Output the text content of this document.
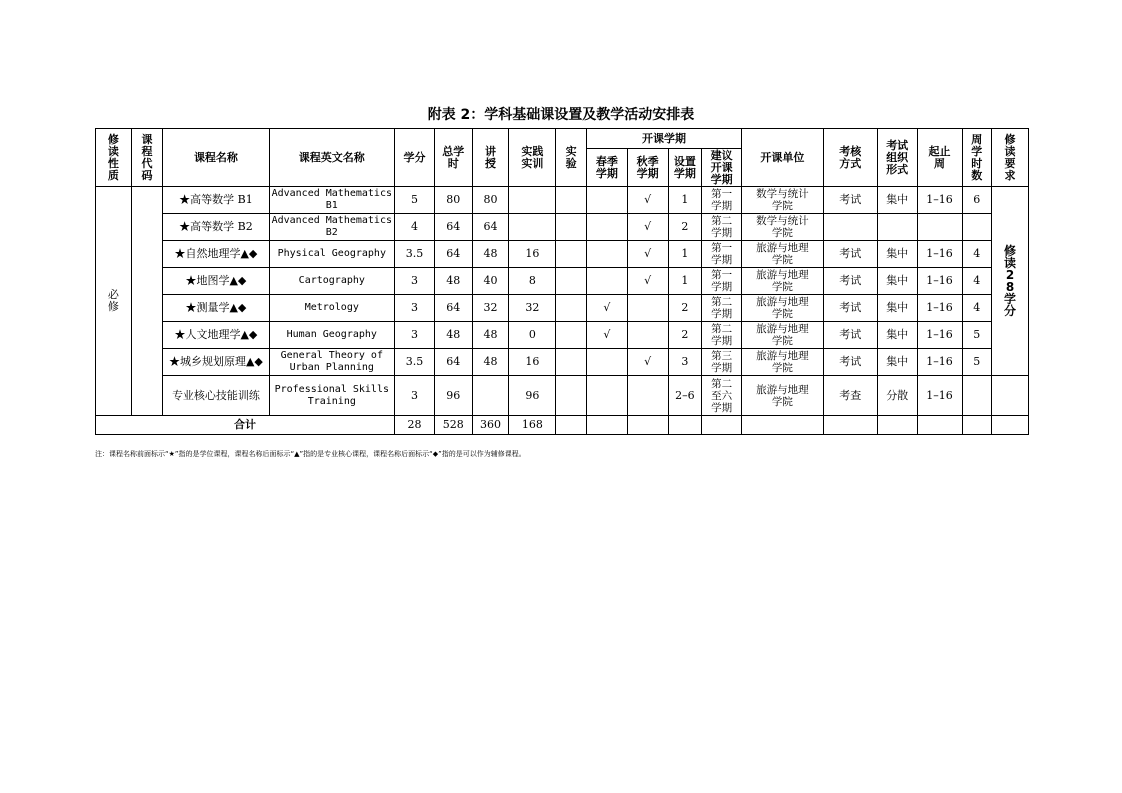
附表 2：学科基础课设置及教学活动安排表
修读性质	课程代码	课程名称	课程英文名称	学分	总学时	讲授	实践实训	实验	开课学期				开课单位	考核方式	考试组织形式	起止周	周学时数	修读要求
									春季学期	秋季学期	设置学期	建议开课学期						
必修		★高等数学 B1	Advanced Mathematics B1	5	80	80				√	1	第一学期	数学与统计学院	考试	集中	1–16	6	修读28学分
		★高等数学 B2	Advanced Mathematics B2	4	64	64				√	2	第二学期	数学与统计学院					
		★自然地理学▲◆	Physical Geography	3.5	64	48	16			√	1	第一学期	旅游与地理学院	考试	集中	1–16	4	
		★地图学▲◆	Cartography	3	48	40	8			√	1	第一学期	旅游与地理学院	考试	集中	1–16	4	
		★测量学▲◆	Metrology	3	64	32	32		√		2	第二学期	旅游与地理学院	考试	集中	1–16	4	
		★人文地理学▲◆	Human Geography	3	48	48	0		√		2	第二学期	旅游与地理学院	考试	集中	1–16	5	
		★城乡规划原理▲◆	General Theory of Urban Planning	3.5	64	48	16			√	3	第三学期	旅游与地理学院	考试	集中	1–16	5	
		专业核心技能训练	Professional Skills Training	3	96		96				2–6	第二至六学期	旅游与地理学院	考查	分散	1–16		
合计				28	528	360	168											
注：课程名称前面标示“★”指的是学位课程，课程名称后面标示“▲”指的是专业核心课程，课程名称后面标示“◆”指的是可以作为辅修课程。
